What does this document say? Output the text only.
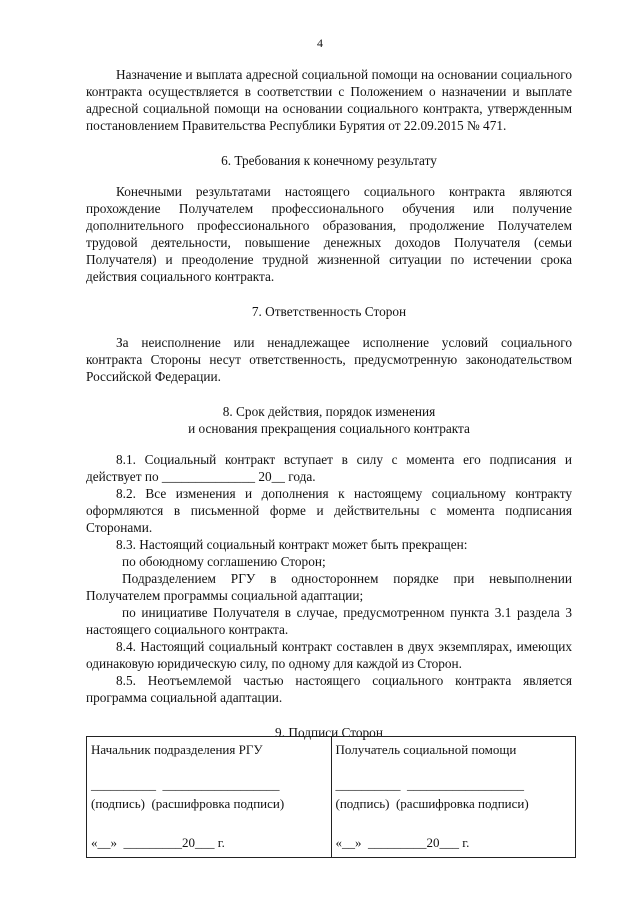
4

Назначение и выплата адресной социальной помощи на основании социального контракта осуществляется в соответствии с Положением о назначении и выплате адресной социальной помощи на основании социального контракта, утвержденным постановлением Правительства Республики Бурятия от 22.09.2015 № 471.

6. Требования к конечному результату

Конечными результатами настоящего социального контракта являются прохождение Получателем профессионального обучения или получение дополнительного профессионального образования, продолжение Получателем трудовой деятельности, повышение денежных доходов Получателя (семьи Получателя) и преодоление трудной жизненной ситуации по истечении срока действия социального контракта.

7. Ответственность Сторон

За неисполнение или ненадлежащее исполнение условий социального контракта Стороны несут ответственность, предусмотренную законодательством Российской Федерации.

8. Срок действия, порядок изменения
и основания прекращения социального контракта

8.1. Социальный контракт вступает в силу с момента его подписания и действует по ______________ 20__ года.

8.2. Все изменения и дополнения к настоящему социальному контракту оформляются в письменной форме и действительны с момента подписания Сторонами.

8.3. Настоящий социальный контракт может быть прекращен:

по обоюдному соглашению Сторон;

Подразделением РГУ в одностороннем порядке при невыполнении Получателем программы социальной адаптации;

по инициативе Получателя в случае, предусмотренном пункта 3.1 раздела 3 настоящего социального контракта.

8.4. Настоящий социальный контракт составлен в двух экземплярах, имеющих одинаковую юридическую силу, по одному для каждой из Сторон.

8.5. Неотъемлемой частью настоящего социального контракта является программа социальной адаптации.

9. Подписи Сторон
Начальник подразделения РГУ
__________  __________________
(подпись)  (расшифровка подписи)
«__»  _________20___ г.

Получатель социальной помощи
__________  __________________
(подпись)  (расшифровка подписи)
«__»  _________20___ г.
